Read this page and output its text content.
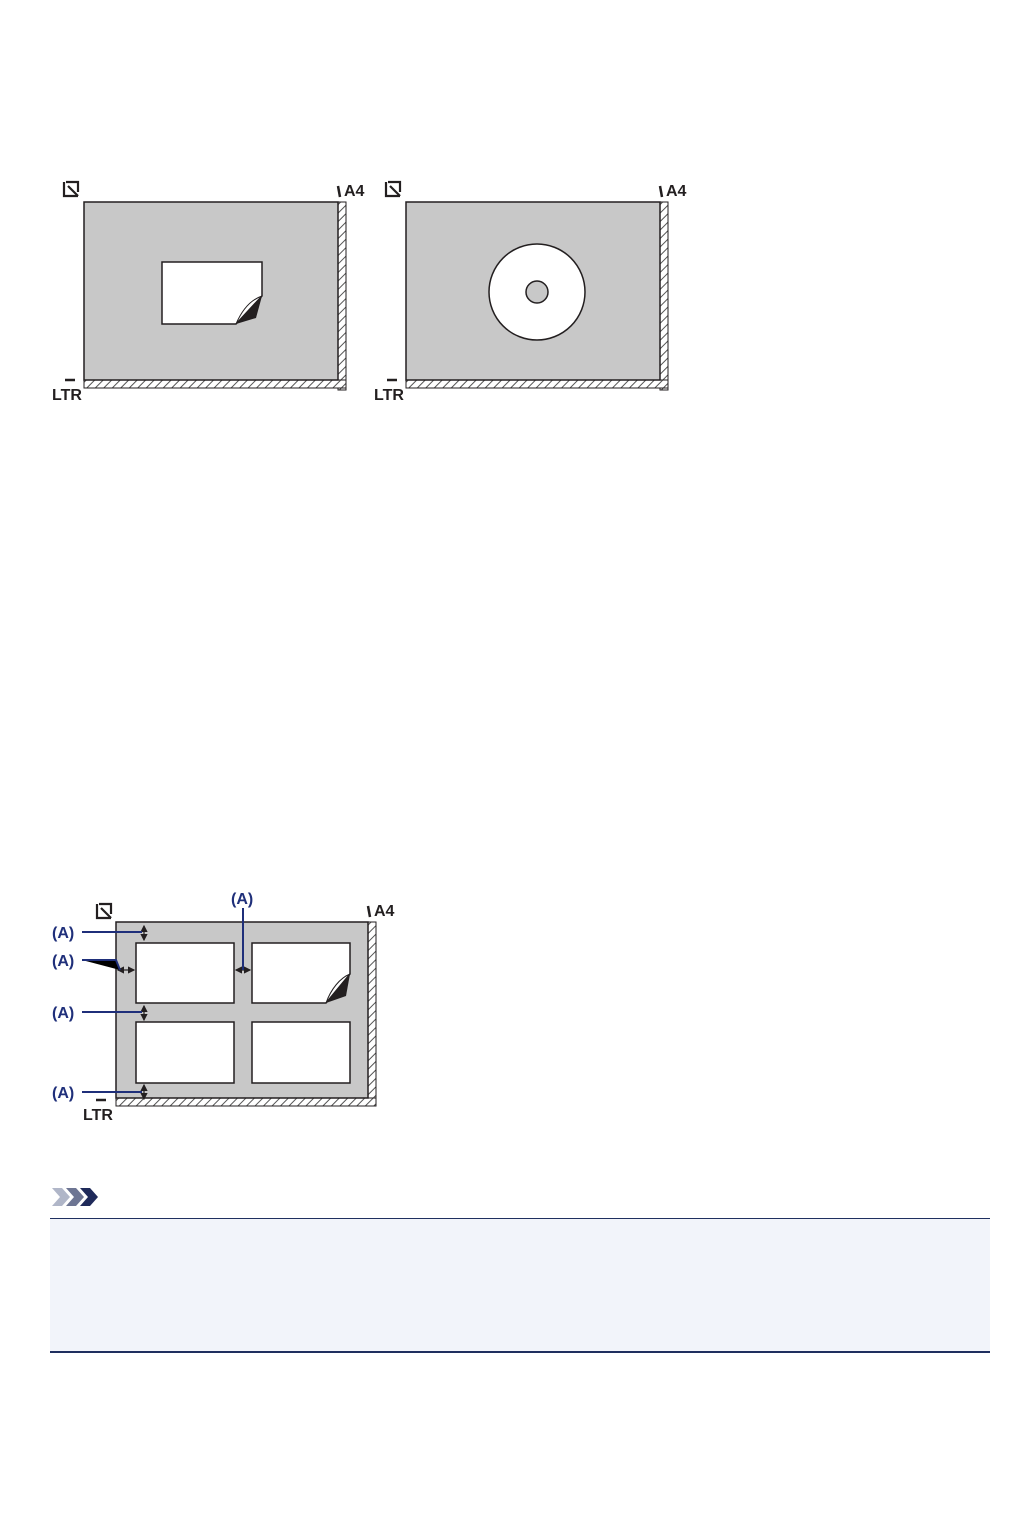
A4
LTR
A4
LTR
(A)
(A)
(A)
(A)
(A)
A4
LTR
